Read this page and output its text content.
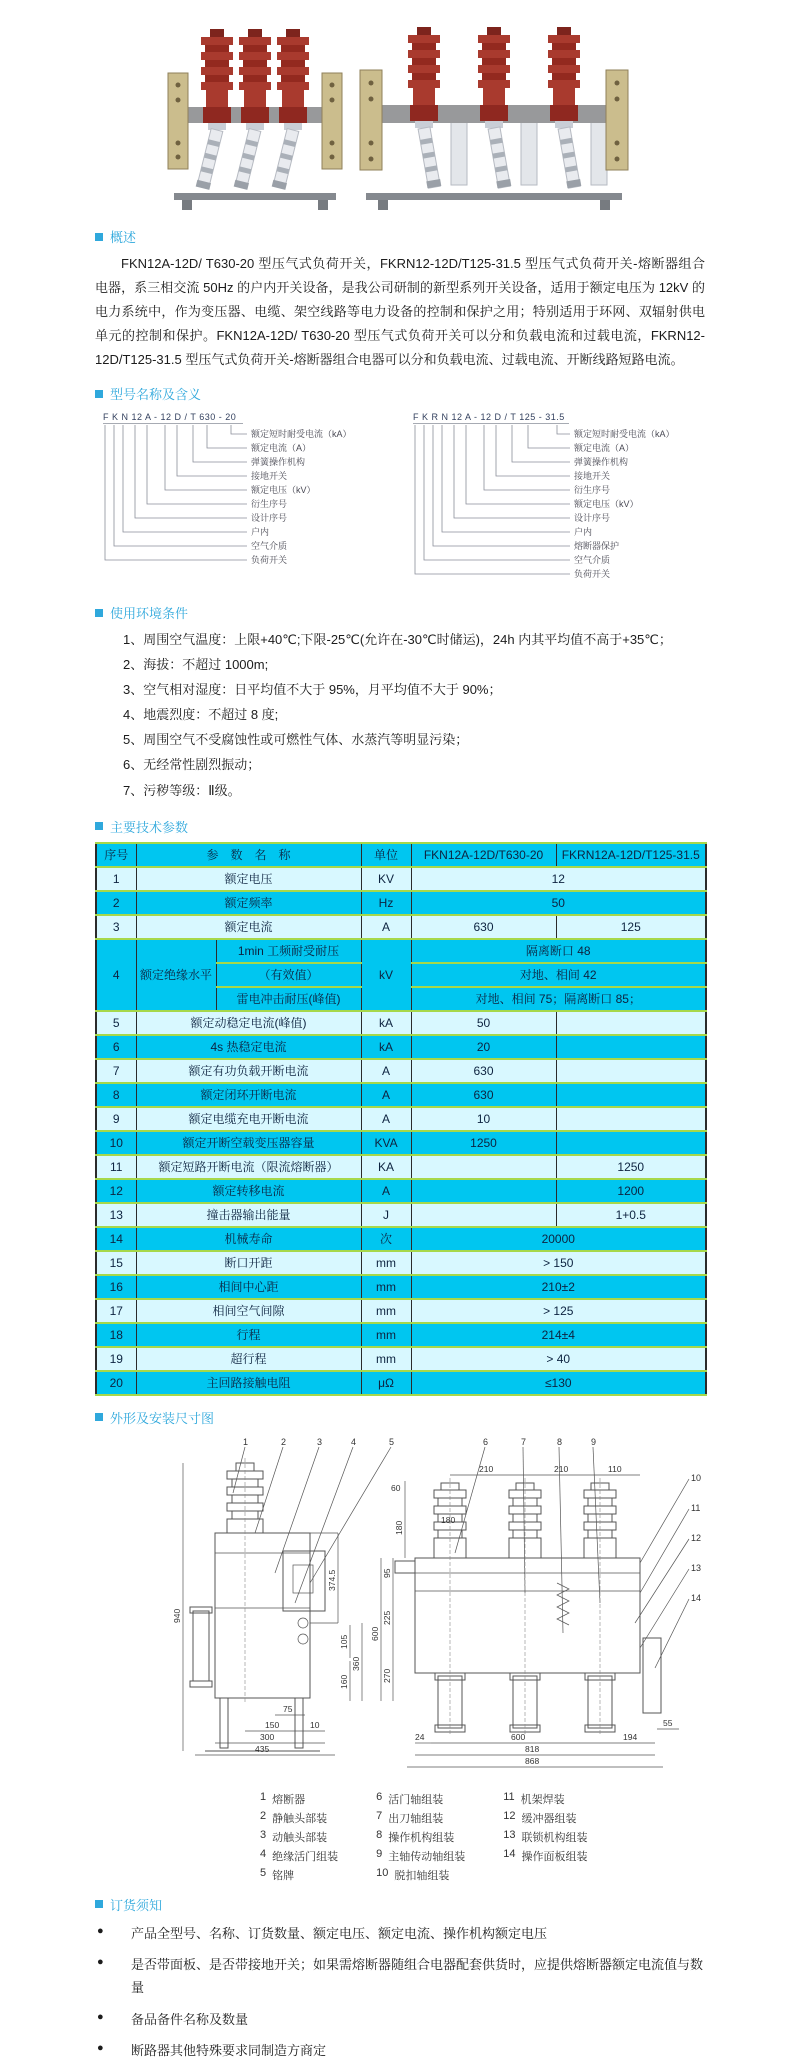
概述
FKN12A-12D/ T630-20 型压气式负荷开关，FKRN12-12D/T125-31.5 型压气式负荷开关-熔断器组合电器，系三相交流 50Hz 的户内开关设备，是我公司研制的新型系列开关设备，适用于额定电压为 12kV 的电力系统中，作为变压器、电缆、架空线路等电力设备的控制和保护之用；特别适用于环网、双辐射供电单元的控制和保护。FKN12A-12D/ T630-20 型压气式负荷开关可以分和负载电流和过载电流，FKRN12-12D/T125-31.5 型压气式负荷开关-熔断器组合电器可以分和负载电流、过载电流、开断线路短路电流。
型号名称及含义
F K N 12 A - 12 D / T 630 - 20
额定短时耐受电流（kA）
额定电流（A）
弹簧操作机构
接地开关
额定电压（kV）
衍生序号
设计序号
户内
空气介质
负荷开关
F K R N 12 A - 12 D / T 125 - 31.5
额定短时耐受电流（kA）
额定电流（A）
弹簧操作机构
接地开关
衍生序号
额定电压（kV）
设计序号
户内
熔断器保护
空气介质
负荷开关
使用环境条件
1、周围空气温度：上限+40℃;下限-25℃(允许在-30℃时储运)，24h 内其平均值不高于+35℃；
2、海拔：不超过 1000m;
3、空气相对湿度：日平均值不大于 95%，月平均值不大于 90%；
4、地震烈度：不超过 8 度;
5、周围空气不受腐蚀性或可燃性气体、水蒸汽等明显污染；
6、无经常性剧烈振动；
7、污秽等级：Ⅱ级。
主要技术参数
序号	参　数　名　称		单位	FKN12A-12D/T630-20	FKRN12A-12D/T125-31.5
1	额定电压		KV	12	
2	额定频率		Hz	50	
3	额定电流		A	630	125
4	额定绝缘水平	1min 工频耐受耐压	kV	隔离断口 48	
		（有效值）		对地、相间 42	
		雷电冲击耐压(峰值)		对地、相间 75；隔离断口 85；	
5	额定动稳定电流(峰值)		kA	50	
6	4s 热稳定电流		kA	20	
7	额定有功负载开断电流		A	630	
8	额定闭环开断电流		A	630	
9	额定电缆充电开断电流		A	10	
10	额定开断空载变压器容量		KVA	1250	
11	额定短路开断电流（限流熔断器）		KA		1250
12	额定转移电流		A		1200
13	撞击器输出能量		J		1+0.5
14	机械寿命		次	20000	
15	断口开距		mm	> 150	
16	相间中心距		mm	210±2	
17	相间空气间隙		mm	> 125	
18	行程		mm	214±4	
19	超行程		mm	> 40	
20	主回路接触电阻		μΩ	≤130	
外形及安装尺寸图
1	2	3	4	5	6	7	8	9
10
11
12
13
14
940
374.5
105
160
360
75
150	10
300
435
210	210	110
60
180
180
95
225
270
600
24	600	194
818
868
55
1 熔断器
2 静触头部装
3 动触头部装
4 绝缘活门组装
5 铭牌
6 活门轴组装
7 出刀轴组装
8 操作机构组装
9 主轴传动轴组装
10 脱扣轴组装
11 机架焊装
12 缓冲器组装
13 联锁机构组装
14 操作面板组装
订货须知
●	产品全型号、名称、订货数量、额定电压、额定电流、操作机构额定电压
●	是否带面板、是否带接地开关；如果需熔断器随组合电器配套供货时，应提供熔断器额定电流值与数量
●	备品备件名称及数量
●	断路器其他特殊要求同制造方商定
